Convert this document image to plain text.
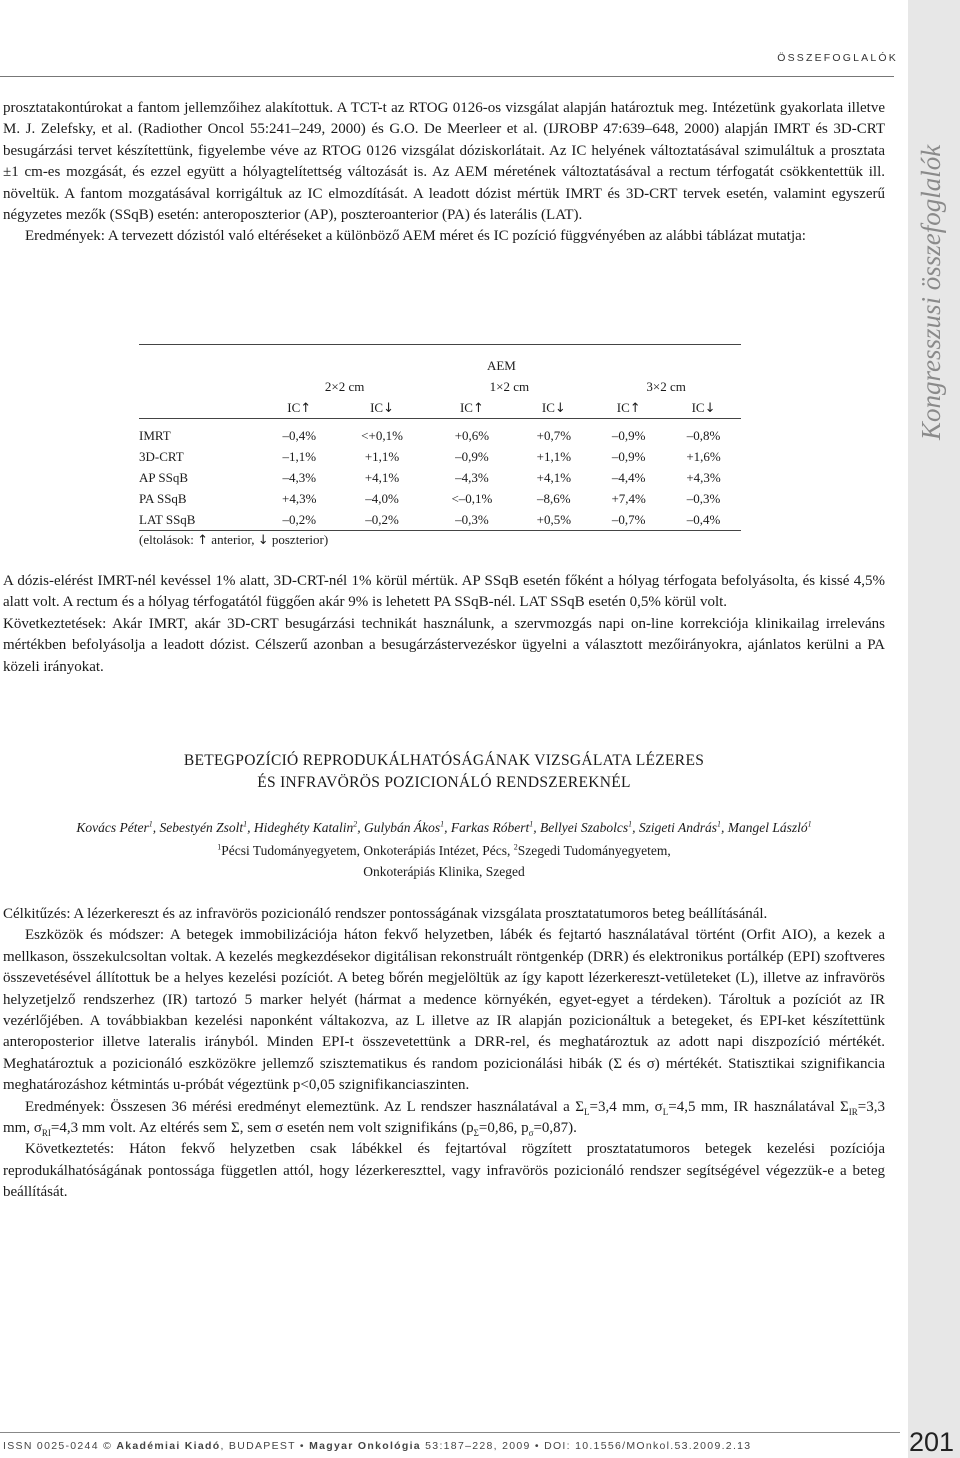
ÖSSZEFOGLALÓK
Kongresszusi összefoglalók

prosztatakontúrokat a fantom jellemzőihez alakítottuk. A TCT-t az RTOG 0126-os vizsgálat alapján határoztuk meg. Intézetünk gyakorlata illetve M. J. Zelefsky, et al. (Radiother Oncol 55:241–249, 2000) és G.O. De Meerleer et al. (IJROBP 47:639–648, 2000) alapján IMRT és 3D-CRT besugárzási tervet készítettünk, figyelembe véve az RTOG 0126 vizsgálat dóziskorlátait. Az IC helyének változtatásával szimuláltuk a prosztata ±1 cm-es mozgását, és ezzel együtt a hólyagtelítettség változását is. Az AEM méretének változtatásával a rectum térfogatát csökkentettük ill. növeltük. A fantom mozgatásával korrigáltuk az IC elmozdítását. A leadott dózist mértük IMRT és 3D-CRT tervek esetén, valamint egyszerű négyzetes mezők (SSqB) esetén: anteroposzterior (AP), poszteroanterior (PA) és laterális (LAT).

Eredmények: A tervezett dózistól való eltéréseket a különböző AEM méret és IC pozíció függvényében az alábbi táblázat mutatja:

	AEM					
	2×2 cm		1×2 cm		3×2 cm	
	IC↑	IC↓	IC↑	IC↓	IC↑	IC↓

IMRT	–0,4%	<+0,1%	+0,6%	+0,7%	–0,9%	–0,8%
3D-CRT	–1,1%	+1,1%	–0,9%	+1,1%	–0,9%	+1,6%
AP SSqB	–4,3%	+4,1%	–4,3%	+4,1%	–4,4%	+4,3%
PA SSqB	+4,3%	–4,0%	<–0,1%	–8,6%	+7,4%	–0,3%
LAT SSqB	–0,2%	–0,2%	–0,3%	+0,5%	–0,7%	–0,4%

(eltolások: ↑ anterior, ↓ poszterior)

A dózis-elérést IMRT-nél kevéssel 1% alatt, 3D-CRT-nél 1% körül mértük. AP SSqB esetén főként a hólyag térfogata befolyásolta, és kissé 4,5% alatt volt. A rectum és a hólyag térfogatától függően akár 9% is lehetett PA SSqB-nél. LAT SSqB esetén 0,5% körül volt.

Következtetések: Akár IMRT, akár 3D-CRT besugárzási technikát használunk, a szervmozgás napi on-line korrekciója klinikailag irreleváns mértékben befolyásolja a leadott dózist. Célszerű azonban a besugárzástervezéskor ügyelni a választott mezőirányokra, ajánlatos kerülni a PA közeli irányokat.

BETEGPOZÍCIÓ REPRODUKÁLHATÓSÁGÁNAK VIZSGÁLATA LÉZERES
ÉS INFRAVÖRÖS POZICIONÁLÓ RENDSZEREKNÉL
Kovács Péter$^1$, Sebestyén Zsolt$^1$, Hideghéty Katalin$^2$, Gulybán Ákos$^1$, Farkas Róbert$^1$, Bellyei Szabolcs$^1$, Szigeti András$^1$, Mangel László$^1$
$^1$Pécsi Tudományegyetem, Onkoterápiás Intézet, Pécs, $^2$Szegedi Tudományegyetem,
Onkoterápiás Klinika, Szeged

Célkitűzés: A lézerkereszt és az infravörös pozicionáló rendszer pontosságának vizsgálata prosztatatumoros beteg beállításánál.

Eszközök és módszer: A betegek immobilizációja háton fekvő helyzetben, lábék és fejtartó használatával történt (Orfit AIO), a kezek a mellkason, összekulcsoltan voltak. A kezelés megkezdésekor digitálisan rekonstruált röntgenkép (DRR) és elektronikus portálkép (EPI) szoftveres összevetésével állítottuk be a helyes kezelési pozíciót. A beteg bőrén megjelöltük az így kapott lézerkereszt-vetületeket (L), illetve az infravörös helyzetjelző rendszerhez (IR) tartozó 5 marker helyét (hármat a medence környékén, egyet-egyet a térdeken). Tároltuk a pozíciót az IR vezérlőjében. A továbbiakban kezelési naponként váltakozva, az L illetve az IR alapján pozicionáltuk a betegeket, és EPI-ket készítettünk anteroposterior illetve lateralis irányból. Minden EPI-t összevetettünk a DRR-rel, és meghatároztuk az adott napi diszpozíció mértékét. Meghatároztuk a pozicionáló eszközökre jellemző szisztematikus és random pozicionálási hibák (Σ és σ) mértékét. Statisztikai szignifikancia meghatározáshoz kétmintás u-próbát végeztünk p<0,05 szignifikanciaszinten.

Eredmények: Összesen 36 mérési eredményt elemeztünk. Az L rendszer használatával a $\Sigma_L=3,4$ mm, $\sigma_L=4,5$ mm, IR használatával $\Sigma_{IR}=3,3$ mm, $\sigma_{RI}=4,3$ mm volt. Az eltérés sem Σ, sem σ esetén nem volt szignifikáns ($p_\Sigma=0,86$, $p_\sigma=0,87$).

Következtetés: Háton fekvő helyzetben csak lábékkel és fejtartóval rögzített prosztatatumoros betegek kezelési pozíciója reprodukálhatóságának pontossága független attól, hogy lézerkereszttel, vagy infravörös pozicionáló rendszer segítségével végezzük-e a beteg beállítását.

ISSN 0025-0244 © Akadémiai Kiadó, BUDAPEST • Magyar Onkológia 53:187–228, 2009 • DOI: 10.1556/MOnkol.53.2009.2.13	201
